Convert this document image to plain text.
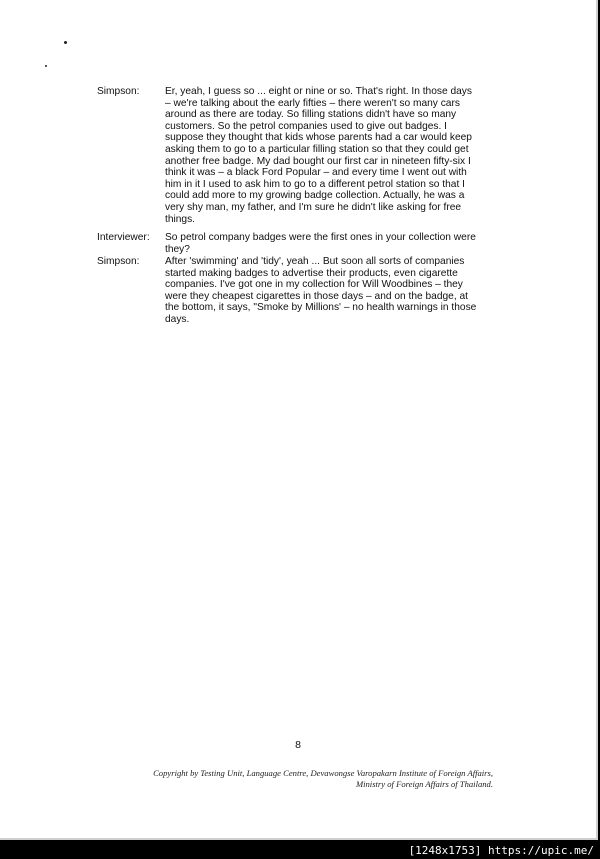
Simpson:	Er, yeah, I guess so ... eight or nine or so. That's right. In those days
– we're talking about the early fifties – there weren't so many cars
around as there are today. So filling stations didn't have so many
customers. So the petrol companies used to give out badges. I
suppose they thought that kids whose parents had a car would keep
asking them to go to a particular filling station so that they could get
another free badge. My dad bought our first car in nineteen fifty-six I
think it was – a black Ford Popular – and every time I went out with
him in it I used to ask him to go to a different petrol station so that I
could add more to my growing badge collection. Actually, he was a
very shy man, my father, and I'm sure he didn't like asking for free
things.
Interviewer:	So petrol company badges were the first ones in your collection were
they?
Simpson:	After 'swimming' and 'tidy', yeah ... But soon all sorts of companies
started making badges to advertise their products, even cigarette
companies. I've got one in my collection for Will Woodbines – they
were they cheapest cigarettes in those days – and on the badge, at
the bottom, it says, "Smoke by Millions' – no health warnings in those
days.
8
Copyright by Testing Unit, Language Centre, Devawongse Varopakarn Institute of Foreign Affairs,
Ministry of Foreign Affairs of Thailand.
[1248x1753] https://upic.me/
